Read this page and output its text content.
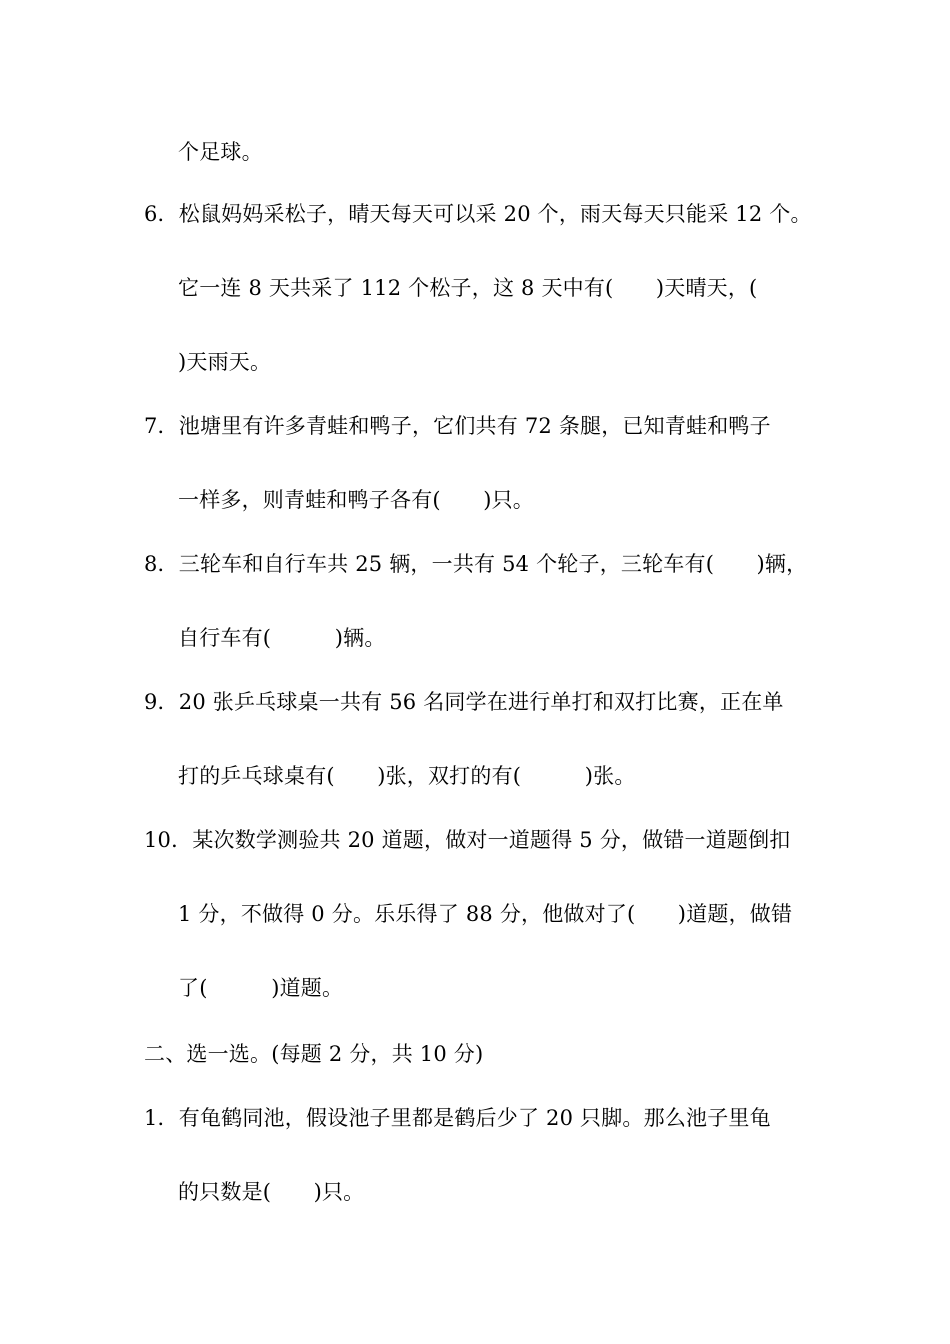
个足球。
6．松鼠妈妈采松子，晴天每天可以采 20 个，雨天每天只能采 12 个。
它一连 8 天共采了 112 个松子，这 8 天中有(　　)天晴天，(
)天雨天。
7．池塘里有许多青蛙和鸭子，它们共有 72 条腿，已知青蛙和鸭子
一样多，则青蛙和鸭子各有(　　)只。
8．三轮车和自行车共 25 辆，一共有 54 个轮子，三轮车有(　　)辆，
自行车有(　　　)辆。
9．20 张乒乓球桌一共有 56 名同学在进行单打和双打比赛，正在单
打的乒乓球桌有(　　)张，双打的有(　　　)张。
10．某次数学测验共 20 道题，做对一道题得 5 分，做错一道题倒扣
1 分，不做得 0 分。乐乐得了 88 分，他做对了(　　)道题，做错
了(　　　)道题。
二、选一选。(每题 2 分，共 10 分)
1．有龟鹤同池，假设池子里都是鹤后少了 20 只脚。那么池子里龟
的只数是(　　)只。
